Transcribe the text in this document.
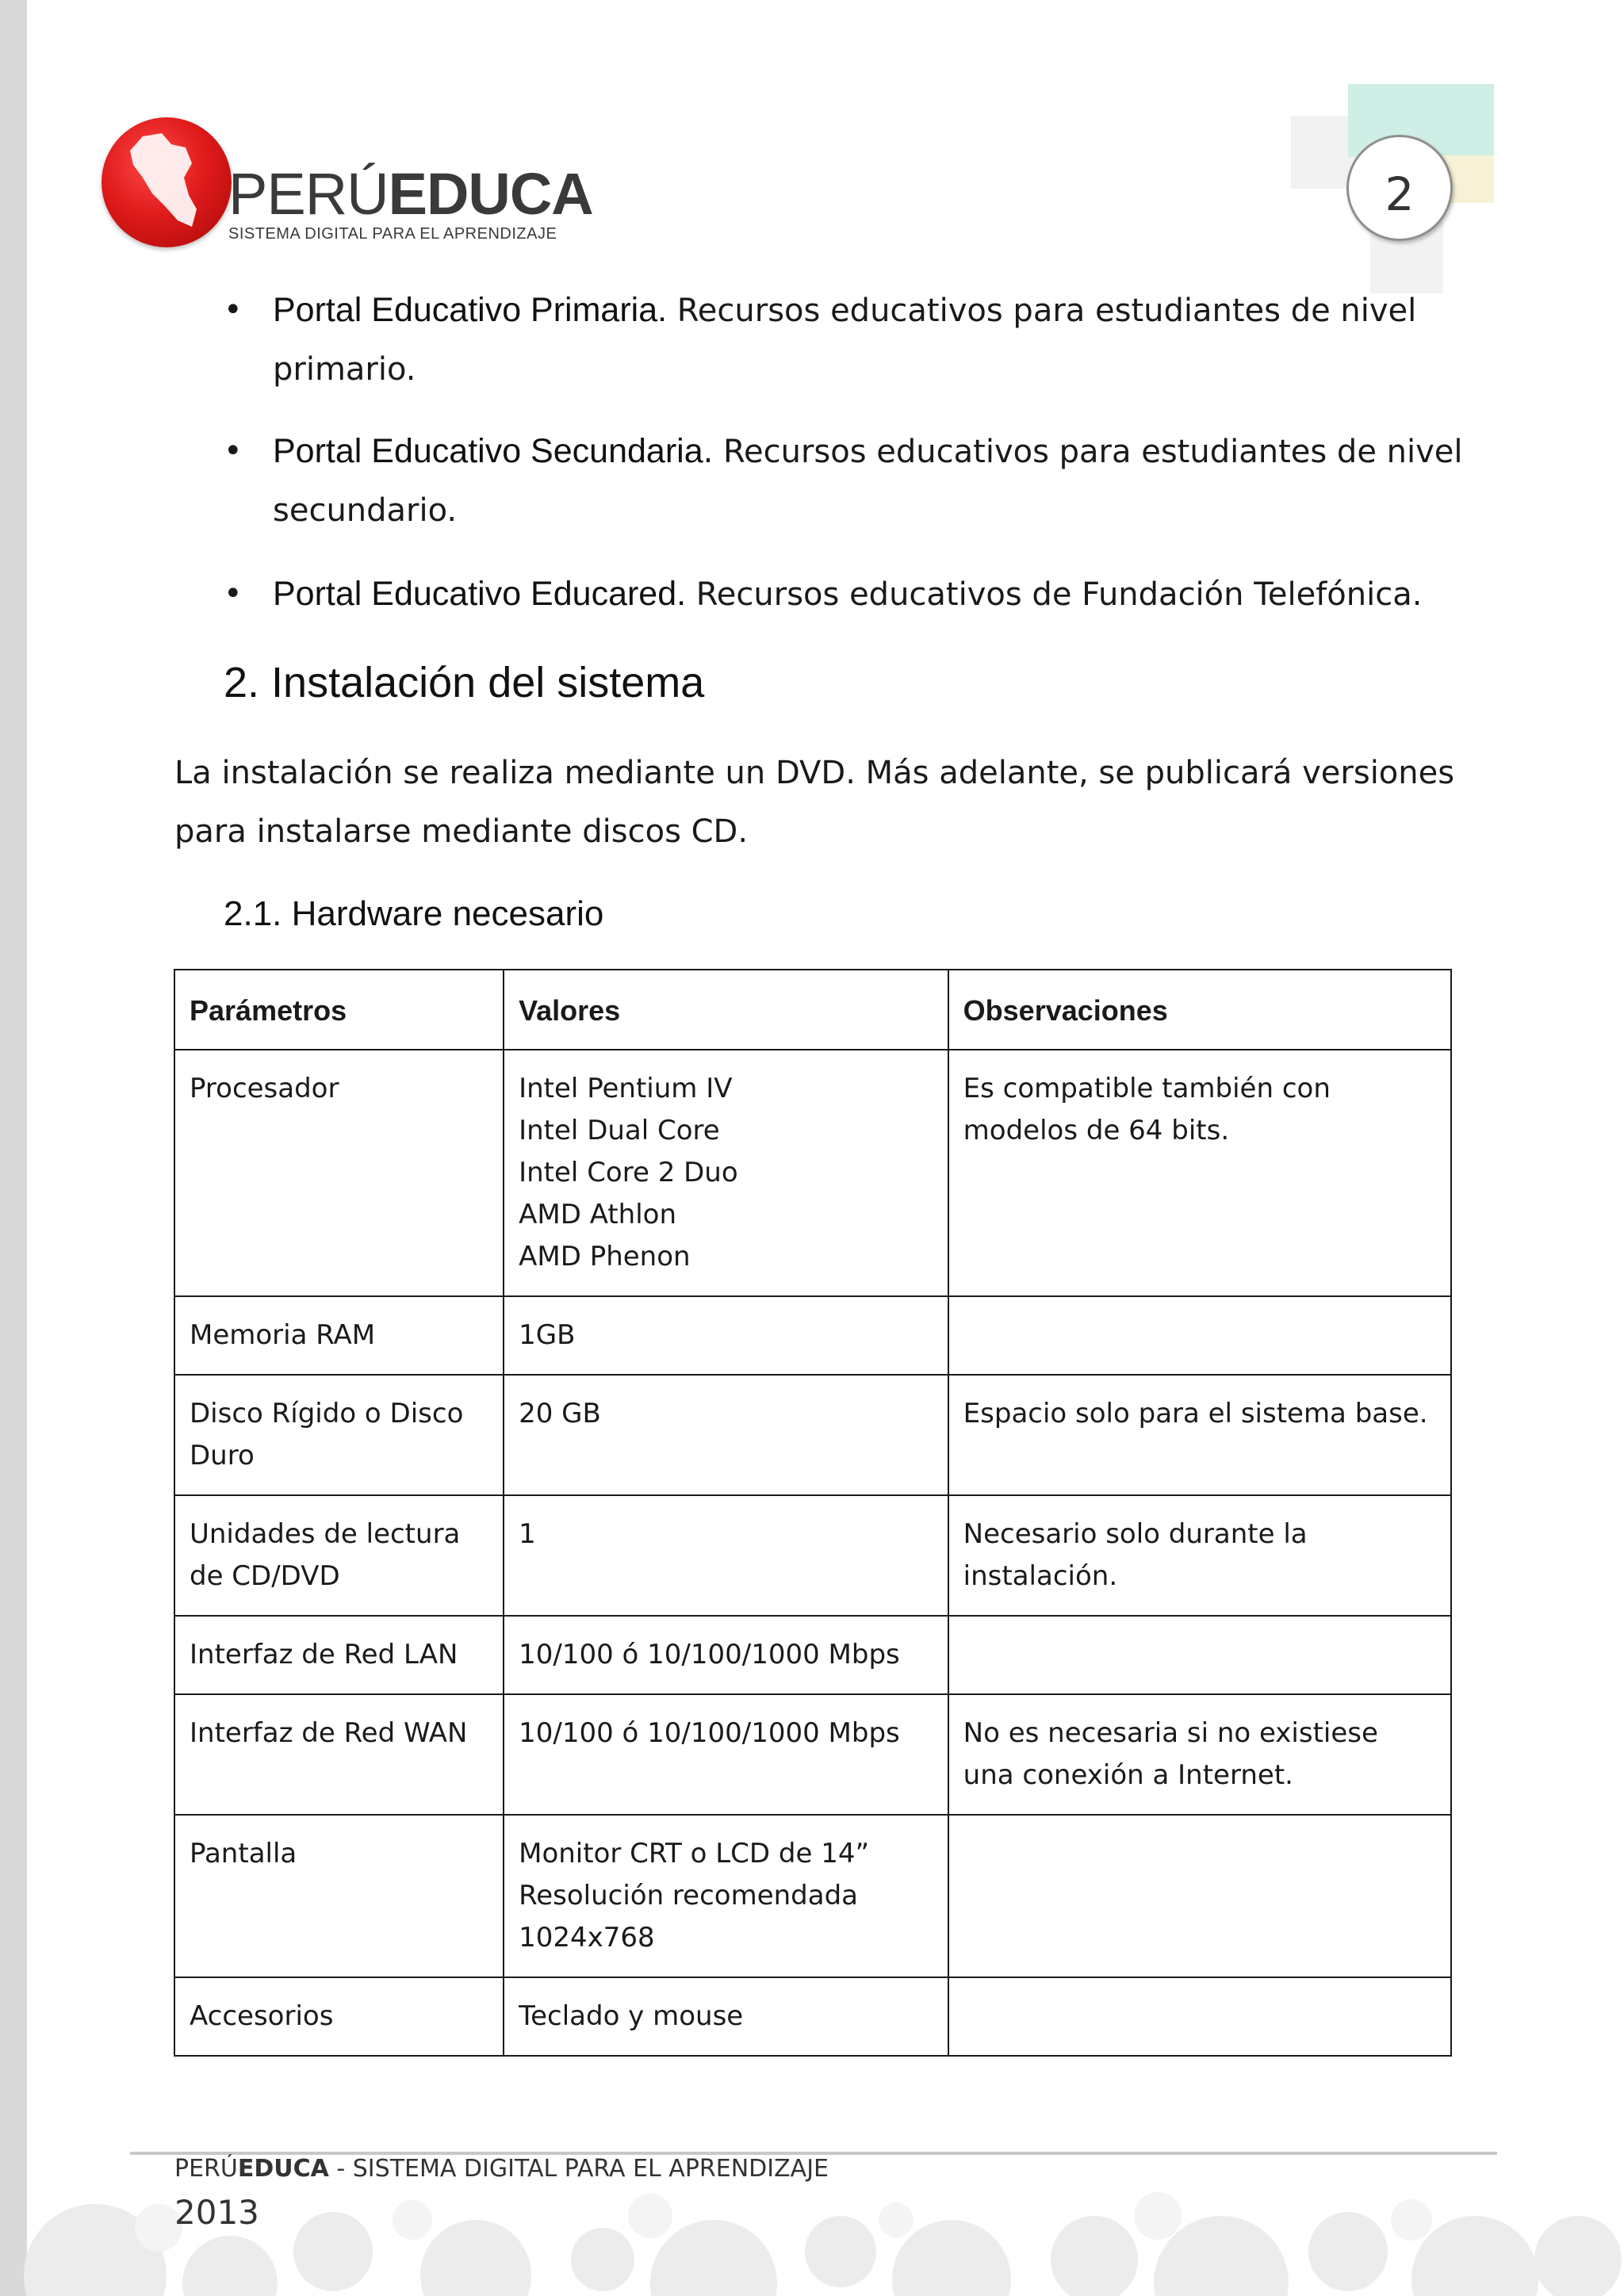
PERÚEDUCA
SISTEMA DIGITAL PARA EL APRENDIZAJE
2
• Portal Educativo Primaria. Recursos educativos para estudiantes de nivel primario.
• Portal Educativo Secundaria. Recursos educativos para estudiantes de nivel secundario.
• Portal Educativo Educared. Recursos educativos de Fundación Telefónica.
2. Instalación del sistema
La instalación se realiza mediante un DVD. Más adelante, se publicará versiones para instalarse mediante discos CD.
2.1. Hardware necesario
Parámetros	Valores	Observaciones
Procesador	Intel Pentium IV
Intel Dual Core
Intel Core 2 Duo
AMD Athlon
AMD Phenon	Es compatible también con modelos de 64 bits.
Memoria RAM	1GB	

Disco Rígido o Disco Duro	20 GB	Espacio solo para el sistema base.
Unidades de lectura de CD/DVD	1	Necesario solo durante la instalación.
Interfaz de Red LAN	10/100 ó 10/100/1000 Mbps	

Interfaz de Red WAN	10/100 ó 10/100/1000 Mbps	No es necesaria si no existiese una conexión a Internet.
Pantalla	Monitor CRT o LCD de 14”
Resolución recomendada 1024x768	

Accesorios	Teclado y mouse	

PERÚEDUCA - SISTEMA DIGITAL PARA EL APRENDIZAJE
2013
